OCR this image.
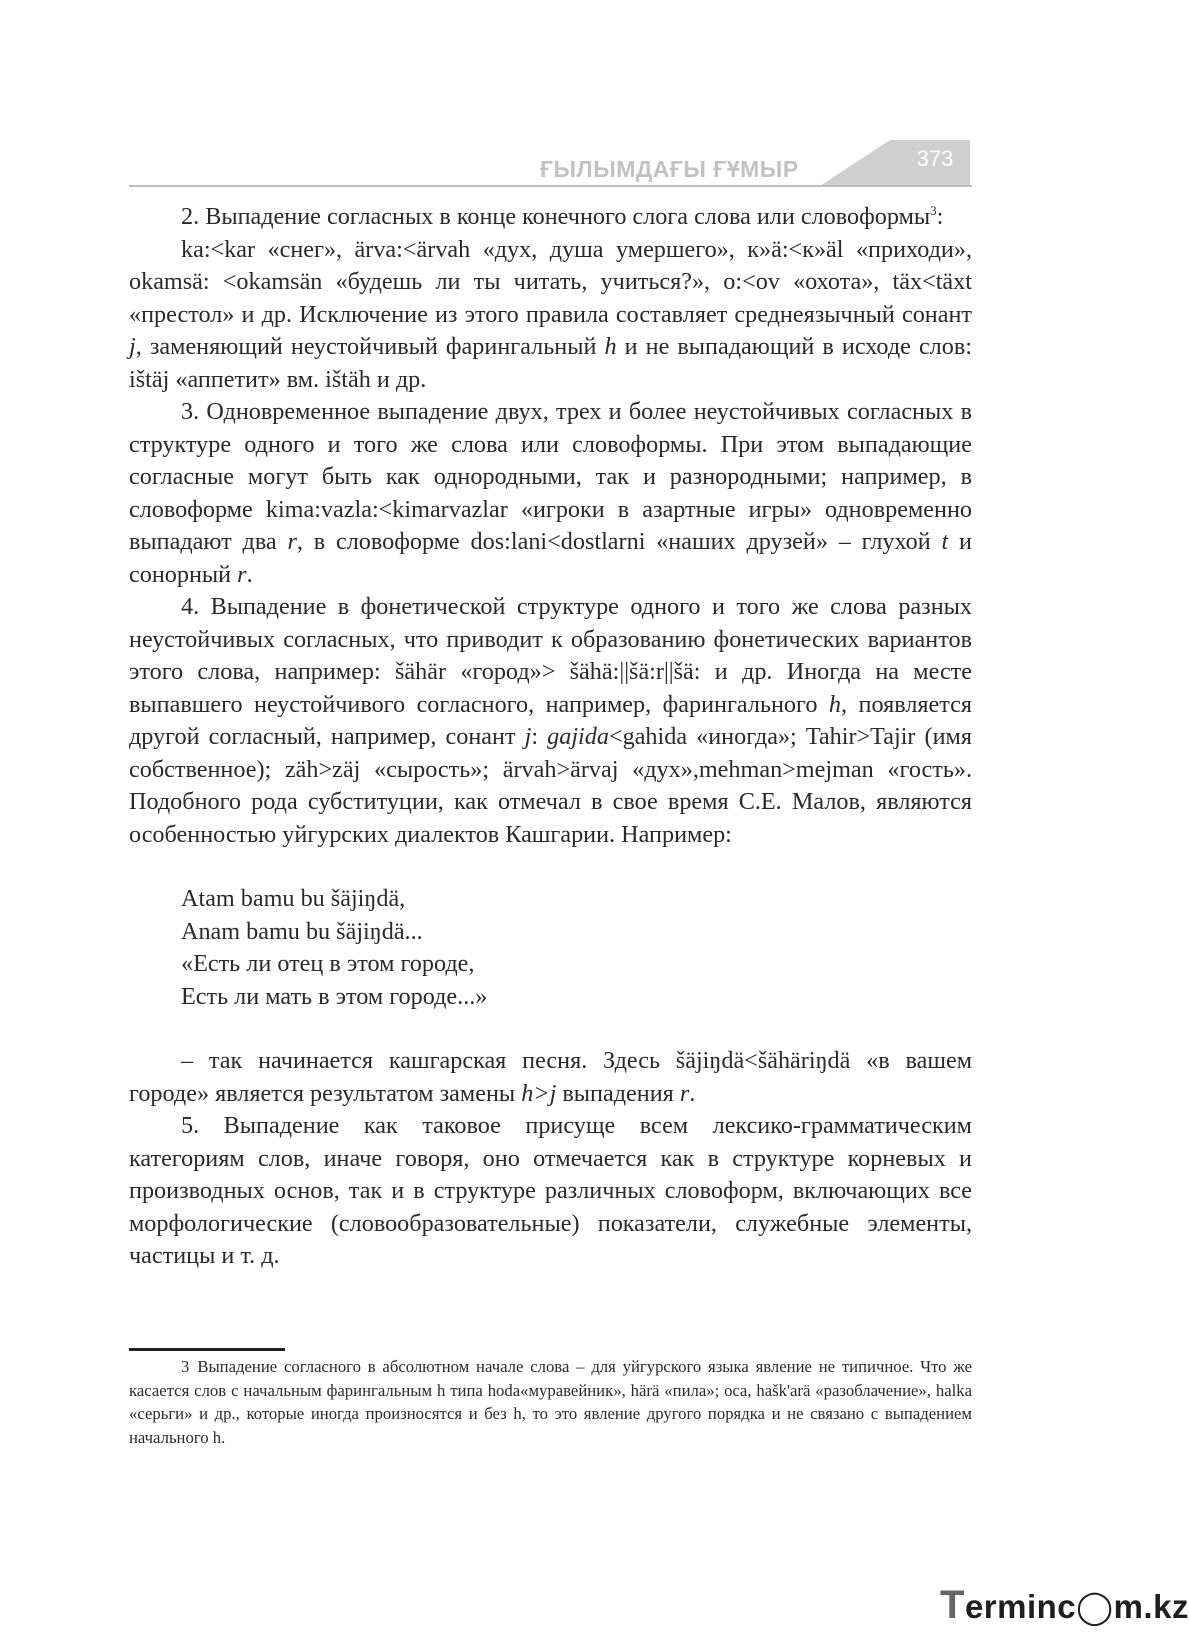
ҒЫЛЫМДАҒЫ ҒҰМЫР	373

2. Выпадение согласных в конце конечного слога слова или словоформы$^3$:

ka:<kar «снег», ärva:<ärvah «дух, душа умершего», к»ä:<к»äl «приходи», okamsä: <okamsän «будешь ли ты читать, учиться?», o:<ov «охота», täx<täxt «престол» и др. Исключение из этого правила составляет среднеязычный сонант j, заменяющий неустойчивый фарингальный h и не выпадающий в исходе слов: ištäj «аппетит» вм. ištäh и др.

3. Одновременное выпадение двух, трех и более неустойчивых согласных в структуре одного и того же слова или словоформы. При этом выпадающие согласные могут быть как однородными, так и разнородными; например, в словоформе kima:vazla:<kimarvazlar «игроки в азартные игры» одновременно выпадают два r, в словоформе dos:lani<dostlarni «наших друзей» – глухой t и сонорный r.

4. Выпадение в фонетической структуре одного и того же слова разных неустойчивых согласных, что приводит к образованию фонетических вариантов этого слова, например: šähär «город»> šähä:||šä:r||šä: и др. Иногда на месте выпавшего неустойчивого согласного, например, фарингального h, появляется другой согласный, например, сонант j: gajida<gahida «иногда»; Tahir>Tajir (имя собственное); zäh>zäj «сырость»; ärvah>ärvaj «дух»,mehman>mejman «гость». Подобного рода субституции, как отмечал в свое время С.Е. Малов, являются особенностью уйгурских диалектов Кашгарии. Например:

Atam bamu bu šäjiŋdä,

Anam bamu bu šäjiŋdä...

«Есть ли отец в этом городе,

Есть ли мать в этом городе...»

– так начинается кашгарская песня. Здесь šäjiŋdä<šähäriŋdä «в вашем городе» является результатом замены h>j выпадения r.

5. Выпадение как таковое присуще всем лексико-грамматическим категориям слов, иначе говоря, оно отмечается как в структуре корневых и производных основ, так и в структуре различных словоформ, включающих все морфологические (словообразовательные) показатели, служебные элементы, частицы и т. д.

3 Выпадение согласного в абсолютном начале слова – для уйгурского языка явление не типичное. Что же касается слов с начальным фарингальным h типа hoda«муравейник», härä «пила»; oca, hašk'arä «разоблачение», halka «серьги» и др., которые иногда произносятся и без h, то это явление другого порядка и не связано с выпадением начального h.

Terminc◯m.kz
